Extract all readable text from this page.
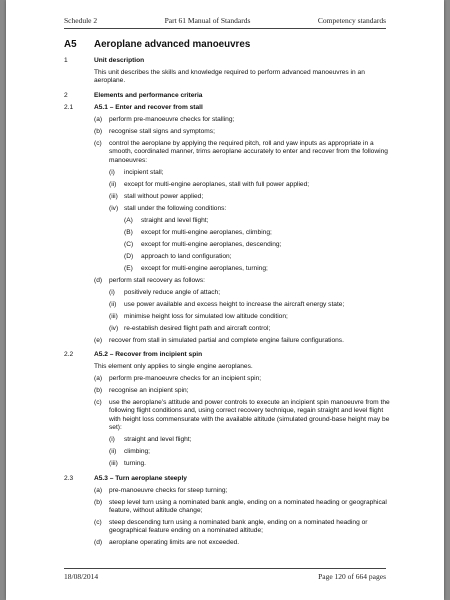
Schedule 2	Part 61 Manual of Standards	Competency standards
A5 Aeroplane advanced manoeuvres
1	Unit description
This unit describes the skills and knowledge required to perform advanced manoeuvres in an aeroplane.
2	Elements and performance criteria
2.1	A5.1 – Enter and recover from stall
(a) perform pre-manoeuvre checks for stalling;
(b) recognise stall signs and symptoms;
(c) control the aeroplane by applying the required pitch, roll and yaw inputs as appropriate in a smooth, coordinated manner, trims aeroplane accurately to enter and recover from the following manoeuvres:
(i) incipient stall;
(ii) except for multi-engine aeroplanes, stall with full power applied;
(iii) stall without power applied;
(iv) stall under the following conditions:
(A) straight and level flight;
(B) except for multi-engine aeroplanes, climbing;
(C) except for multi-engine aeroplanes, descending;
(D) approach to land configuration;
(E) except for multi-engine aeroplanes, turning;
(d) perform stall recovery as follows:
(i) positively reduce angle of attach;
(ii) use power available and excess height to increase the aircraft energy state;
(iii) minimise height loss for simulated low altitude condition;
(iv) re-establish desired flight path and aircraft control;
(e) recover from stall in simulated partial and complete engine failure configurations.
2.2	A5.2 – Recover from incipient spin
This element only applies to single engine aeroplanes.
(a) perform pre-manoeuvre checks for an incipient spin;
(b) recognise an incipient spin;
(c) use the aeroplane’s attitude and power controls to execute an incipient spin manoeuvre from the following flight conditions and, using correct recovery technique, regain straight and level flight with height loss commensurate with the available altitude (simulated ground-base height may be set):
(i) straight and level flight;
(ii) climbing;
(iii) turning.
2.3	A5.3 – Turn aeroplane steeply
(a) pre-manoeuvre checks for steep turning;
(b) steep level turn using a nominated bank angle, ending on a nominated heading or geographical feature, without altitude change;
(c) steep descending turn using a nominated bank angle, ending on a nominated heading or geographical feature ending on a nominated altitude;
(d) aeroplane operating limits are not exceeded.
18/08/2014	Page 120 of 664 pages
